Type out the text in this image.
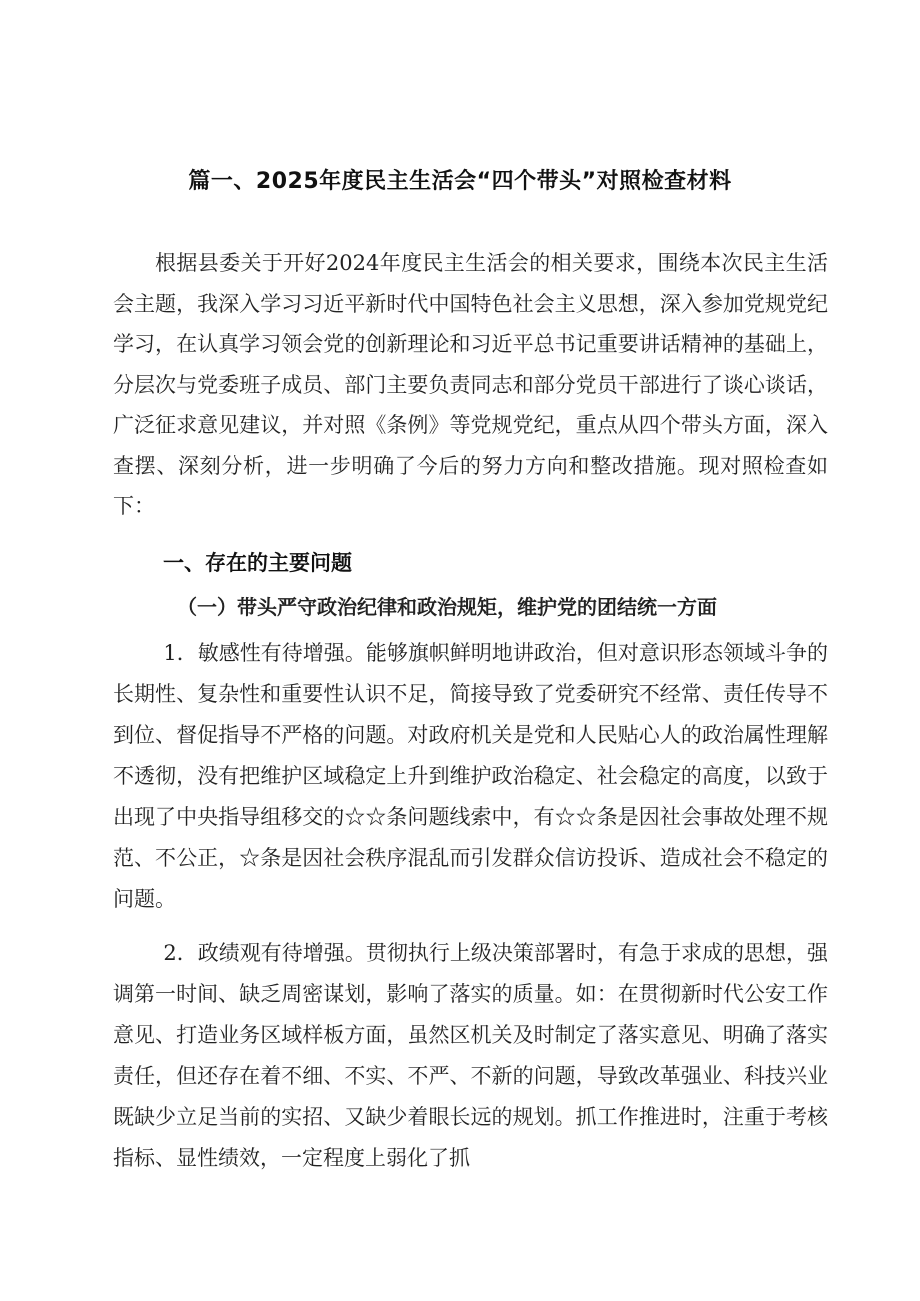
篇一、2025年度民主生活会“四个带头”对照检查材料

根据县委关于开好2024年度民主生活会的相关要求，围绕本次民主生活会主题，我深入学习习近平新时代中国特色社会主义思想，深入参加党规党纪学习，在认真学习领会党的创新理论和习近平总书记重要讲话精神的基础上，分层次与党委班子成员、部门主要负责同志和部分党员干部进行了谈心谈话，广泛征求意见建议，并对照《条例》等党规党纪，重点从四个带头方面，深入查摆、深刻分析，进一步明确了今后的努力方向和整改措施。现对照检查如下：

一、存在的主要问题
（一）带头严守政治纪律和政治规矩，维护党的团结统一方面

1．敏感性有待增强。能够旗帜鲜明地讲政治，但对意识形态领域斗争的长期性、复杂性和重要性认识不足，简接导致了党委研究不经常、责任传导不到位、督促指导不严格的问题。对政府机关是党和人民贴心人的政治属性理解不透彻，没有把维护区域稳定上升到维护政治稳定、社会稳定的高度，以致于出现了中央指导组移交的☆☆条问题线索中，有☆☆条是因社会事故处理不规范、不公正，☆条是因社会秩序混乱而引发群众信访投诉、造成社会不稳定的问题。

2．政绩观有待增强。贯彻执行上级决策部署时，有急于求成的思想，强调第一时间、缺乏周密谋划，影响了落实的质量。如：在贯彻新时代公安工作意见、打造业务区域样板方面，虽然区机关及时制定了落实意见、明确了落实责任，但还存在着不细、不实、不严、不新的问题，导致改革强业、科技兴业既缺少立足当前的实招、又缺少着眼长远的规划。抓工作推进时，注重于考核指标、显性绩效，一定程度上弱化了抓
